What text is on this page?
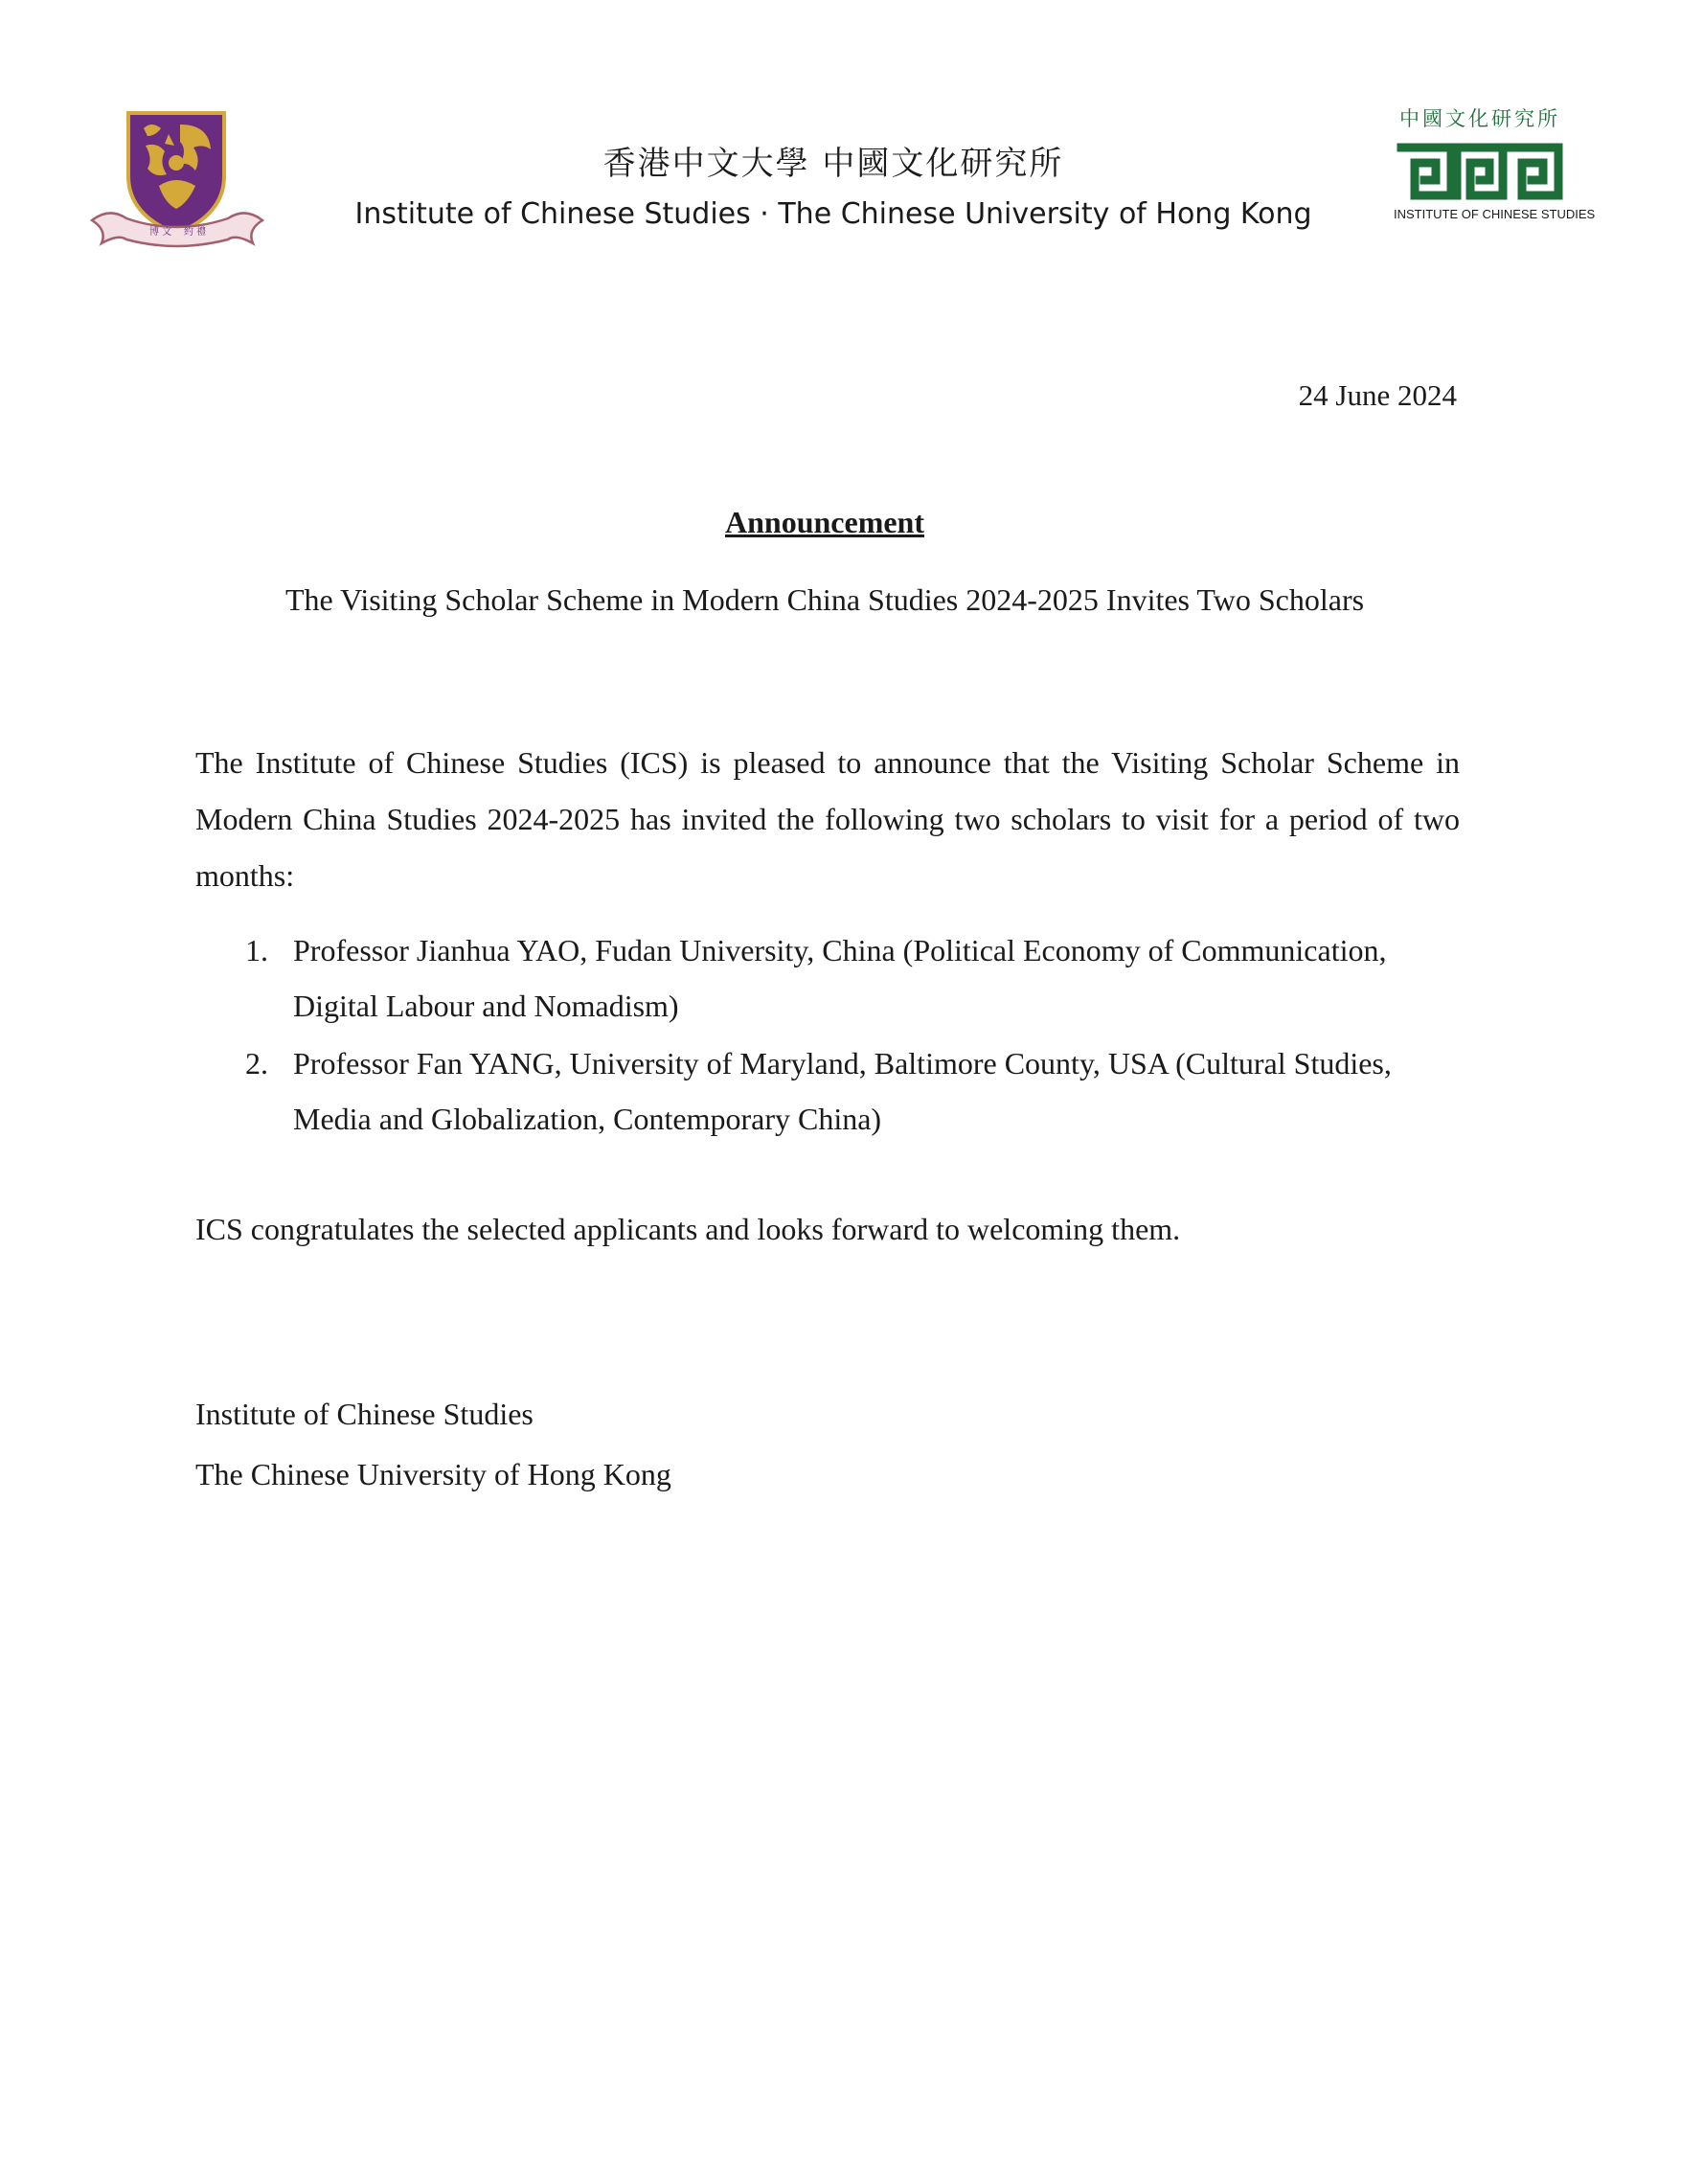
博 文 約 禮
香港中文大學 中國文化研究所
Institute of Chinese Studies · The Chinese University of Hong Kong
中國文化研究所
INSTITUTE OF CHINESE STUDIES
24 June 2024
Announcement
The Visiting Scholar Scheme in Modern China Studies 2024-2025 Invites Two Scholars
The Institute of Chinese Studies (ICS) is pleased to announce that the Visiting Scholar Scheme in Modern China Studies 2024-2025 has invited the following two scholars to visit for a period of two months:
1. Professor Jianhua YAO, Fudan University, China (Political Economy of Communication, Digital Labour and Nomadism)
2. Professor Fan YANG, University of Maryland, Baltimore County, USA (Cultural Studies, Media and Globalization, Contemporary China)
ICS congratulates the selected applicants and looks forward to welcoming them.
Institute of Chinese Studies
The Chinese University of Hong Kong
